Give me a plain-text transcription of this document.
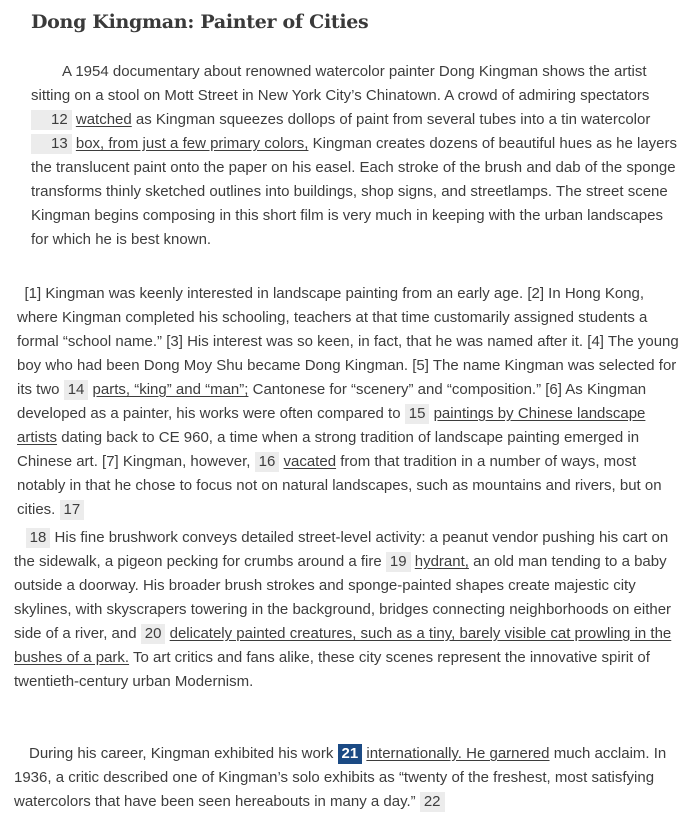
Dong Kingman: Painter of Cities

 A 1954 documentary about renowned watercolor painter Dong Kingman shows the artist sitting on a stool on Mott Street in New York City’s Chinatown. A crowd of admiring spectators 12 watched as Kingman squeezes dollops of paint from several tubes into a tin watercolor 13 box, from just a few primary colors, Kingman creates dozens of beautiful hues as he layers the translucent paint onto the paper on his easel. Each stroke of the brush and dab of the sponge transforms thinly sketched outlines into buildings, shop signs, and streetlamps. The street scene Kingman begins composing in this short film is very much in keeping with the urban landscapes for which he is best known.

 [1] Kingman was keenly interested in landscape painting from an early age. [2] In Hong Kong, where Kingman completed his schooling, teachers at that time customarily assigned students a formal “school name.” [3] His interest was so keen, in fact, that he was named after it. [4] The young boy who had been Dong Moy Shu became Dong Kingman. [5] The name Kingman was selected for its two 14 parts, “king” and “man”; Cantonese for “scenery” and “composition.” [6] As Kingman developed as a painter, his works were often compared to 15 paintings by Chinese landscape artists dating back to CE 960, a time when a strong tradition of landscape painting emerged in Chinese art. [7] Kingman, however, 16 vacated from that tradition in a number of ways, most notably in that he chose to focus not on natural landscapes, such as mountains and rivers, but on cities. 17

  18 His fine brushwork conveys detailed street-level activity: a peanut vendor pushing his cart on the sidewalk, a pigeon pecking for crumbs around a fire 19 hydrant, an old man tending to a baby outside a doorway. His broader brush strokes and sponge-painted shapes create majestic city skylines, with skyscrapers towering in the background, bridges connecting neighborhoods on either side of a river, and 20 delicately painted creatures, such as a tiny, barely visible cat prowling in the bushes of a park. To art critics and fans alike, these city scenes represent the innovative spirit of twentieth-century urban Modernism.

 During his career, Kingman exhibited his work 21 internationally. He garnered much acclaim. In 1936, a critic described one of Kingman’s solo exhibits as “twenty of the freshest, most satisfying watercolors that have been seen hereabouts in many a day.” 22
